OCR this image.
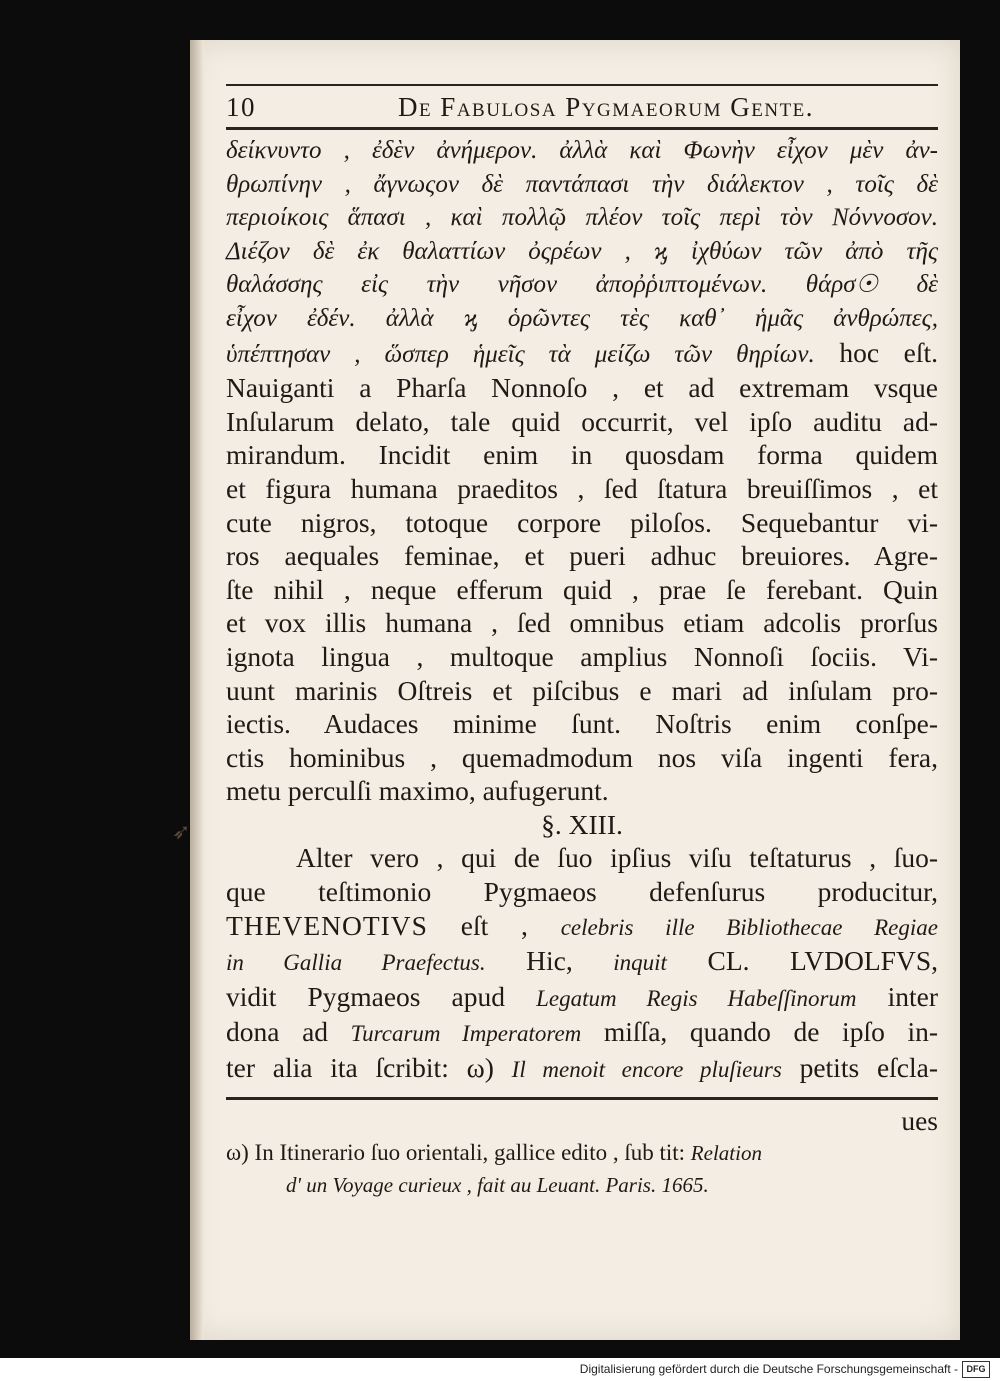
➶
10	De Fabulosa Pygmaeorum Gente.
δείκνυντο , ἐδὲν ἀνήμερον. ἀλλὰ καὶ Φωνὴν εἶχον μὲν ἀν-
θρωπίνην , ἄγνωςον δὲ παντάπασι τὴν διάλεκτον , τοῖς δὲ
περιοίκοις ἅπασι , καὶ πολλῷ πλέον τοῖς περὶ τὸν Νόννοσον.
Διέζον δὲ ἐκ θαλαττίων ὀςρέων , ϗ ἰχθύων τῶν ἀπὸ τῆς
θαλάσσης εἰς τὴν νῆσον ἀποῤῥιπτομένων. θάρσ☉ δὲ
εἶχον ἐδέν. ἀλλὰ ϗ ὁρῶντες τὲς καθ᾽ ἡμᾶς ἀνθρώπες,
ὑπέπτησαν , ὥσπερ ἡμεῖς τὰ μείζω τῶν θηρίων. hoc eſt.
Nauiganti a Pharſa Nonnoſo , et ad extremam vsque
Inſularum delato, tale quid occurrit, vel ipſo auditu ad-
mirandum. Incidit enim in quosdam forma quidem
et figura humana praeditos , ſed ſtatura breuiſſimos , et
cute nigros, totoque corpore piloſos. Sequebantur vi-
ros aequales feminae, et pueri adhuc breuiores. Agre-
ſte nihil , neque efferum quid , prae ſe ferebant. Quin
et vox illis humana , ſed omnibus etiam adcolis prorſus
ignota lingua , multoque amplius Nonnoſi ſociis. Vi-
uunt marinis Oſtreis et piſcibus e mari ad inſulam pro-
iectis. Audaces minime ſunt. Noſtris enim conſpe-
ctis hominibus , quemadmodum nos viſa ingenti fera,
metu perculſi maximo, aufugerunt.
§. XIII.
Alter vero , qui de ſuo ipſius viſu teſtaturus , ſuo-
que teſtimonio Pygmaeos defenſurus producitur,
THEVENOTIVS eſt , celebris ille Bibliothecae Regiae
in Gallia Praefectus. Hic, inquit CL. LVDOLFVS,
vidit Pygmaeos apud Legatum Regis Habeſſinorum inter
dona ad Turcarum Imperatorem miſſa, quando de ipſo in-
ter alia ita ſcribit: ω) Il menoit encore pluſieurs petits eſcla-
ues
ω) In Itinerario ſuo orientali, gallice edito , ſub tit: Relation
d' un Voyage curieux , fait au Leuant. Paris. 1665.
Digitalisierung gefördert durch die Deutsche Forschungsgemeinschaft - DFG
